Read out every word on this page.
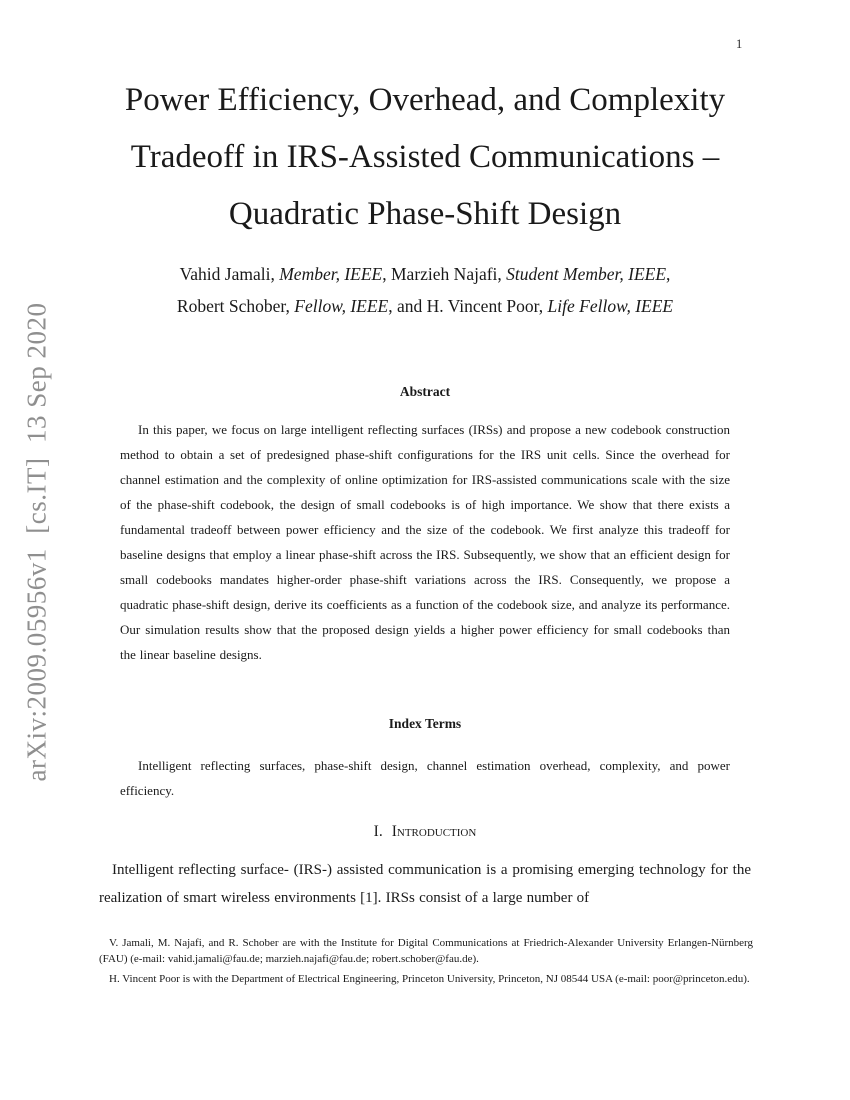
1
arXiv:2009.05956v1  [cs.IT]  13 Sep 2020
Power Efficiency, Overhead, and Complexity
Tradeoff in IRS-Assisted Communications –
Quadratic Phase-Shift Design
Vahid Jamali, Member, IEEE, Marzieh Najafi, Student Member, IEEE,
Robert Schober, Fellow, IEEE, and H. Vincent Poor, Life Fellow, IEEE
Abstract
In this paper, we focus on large intelligent reflecting surfaces (IRSs) and propose a new codebook construction method to obtain a set of predesigned phase-shift configurations for the IRS unit cells. Since the overhead for channel estimation and the complexity of online optimization for IRS-assisted communications scale with the size of the phase-shift codebook, the design of small codebooks is of high importance. We show that there exists a fundamental tradeoff between power efficiency and the size of the codebook. We first analyze this tradeoff for baseline designs that employ a linear phase-shift across the IRS. Subsequently, we show that an efficient design for small codebooks mandates higher-order phase-shift variations across the IRS. Consequently, we propose a quadratic phase-shift design, derive its coefficients as a function of the codebook size, and analyze its performance. Our simulation results show that the proposed design yields a higher power efficiency for small codebooks than the linear baseline designs.
Index Terms
Intelligent reflecting surfaces, phase-shift design, channel estimation overhead, complexity, and power efficiency.
I. Introduction
Intelligent reflecting surface- (IRS-) assisted communication is a promising emerging technology for the realization of smart wireless environments [1]. IRSs consist of a large number of

V. Jamali, M. Najafi, and R. Schober are with the Institute for Digital Communications at Friedrich-Alexander University Erlangen-Nürnberg (FAU) (e-mail: vahid.jamali@fau.de; marzieh.najafi@fau.de; robert.schober@fau.de).

H. Vincent Poor is with the Department of Electrical Engineering, Princeton University, Princeton, NJ 08544 USA (e-mail: poor@princeton.edu).
